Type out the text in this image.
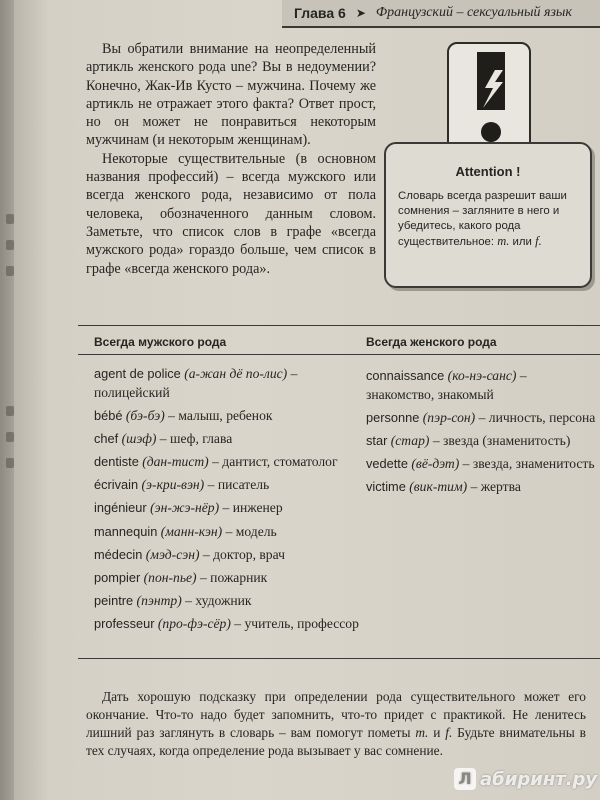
Глава 6 ➤ Французский – сексуальный язык

Вы обратили внимание на неопределенный артикль женского рода une? Вы в недоумении? Конечно, Жак-Ив Кусто – мужчина. Почему же артикль не отражает этого факта? Ответ прост, но он может не понравиться некоторым мужчинам (и некоторым женщинам).

Некоторые существительные (в основном названия профессий) – всегда мужского или всегда женского рода, независимо от пола человека, обозначенного данным словом. Заметьте, что список слов в графе «всегда мужского рода» гораздо больше, чем список в графе «всегда женского рода».

Attention !
Словарь всегда разрешит ваши сомнения – загляните в него и убедитесь, какого рода существительное: m. или f.
Всегда мужского рода	Всегда женского рода
agent de police (а-жан дё по-лис) – полицейский
bébé (бэ-бэ) – малыш, ребенок
chef (шэф) – шеф, глава
dentiste (дан-тист) – дантист, стоматолог
écrivain (э-кри-вэн) – писатель
ingénieur (эн-жэ-нёр) – инженер
mannequin (манн-кэн) – модель
médecin (мэд-сэн) – доктор, врач
pompier (пон-пье) – пожарник
peintre (пэнтр) – художник
professeur (про-фэ-сёр) – учитель, профессор
connaissance (ко-нэ-санс) – знакомство, знакомый
personne (пэр-сон) – личность, персона
star (стар) – звезда (знаменитость)
vedette (вё-дэт) – звезда, знаменитость
victime (вик-тим) – жертва
Дать хорошую подсказку при определении рода существительного может его окончание. Что-то надо будет запомнить, что-то придет с практикой. Не ленитесь лишний раз заглянуть в словарь – вам помогут пометы m. и f. Будьте внимательны в тех случаях, когда определение рода вызывает у вас сомнение.
Л абиринт.ру
